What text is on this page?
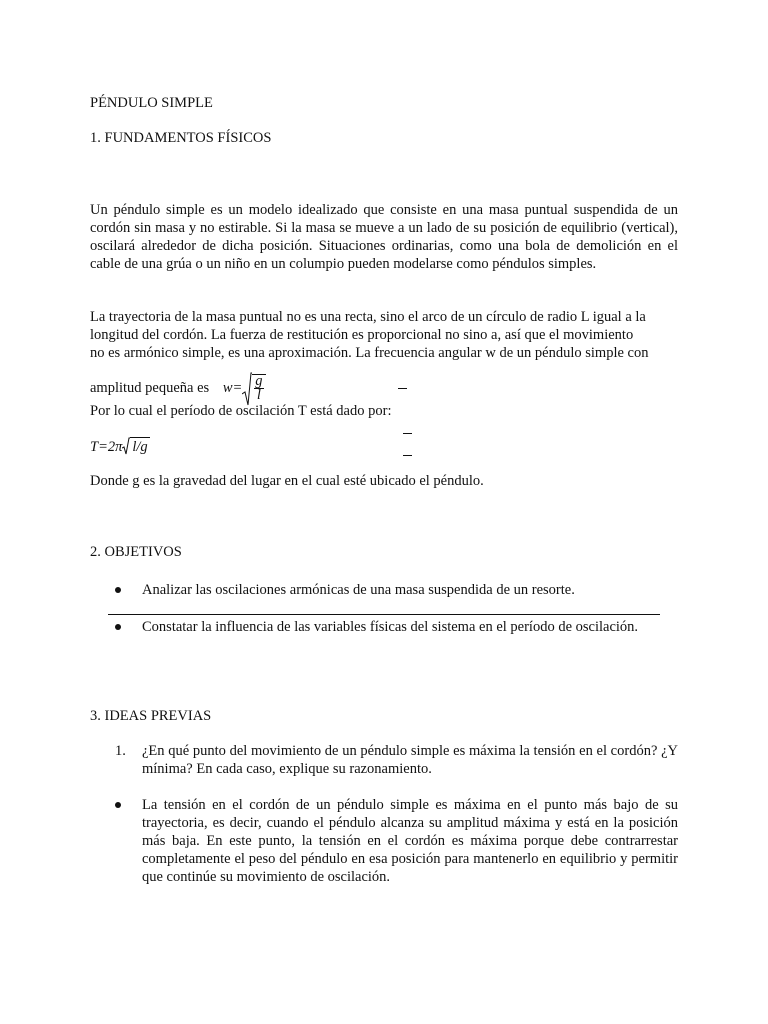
PÉNDULO SIMPLE
1. FUNDAMENTOS FÍSICOS
Un péndulo simple es un modelo idealizado que consiste en una masa puntual suspendida de un cordón sin masa y no estirable. Si la masa se mueve a un lado de su posición de equilibrio (vertical), oscilará alrededor de dicha posición. Situaciones ordinarias, como una bola de demolición en el cable de una grúa o un niño en un columpio pueden modelarse como péndulos simples.
La trayectoria de la masa puntual no es una recta, sino el arco de un círculo de radio L igual a la
longitud del cordón. La fuerza de restitución es proporcional no sino a, así que el movimiento
no es armónico simple, es una aproximación. La frecuencia angular w de un péndulo simple con
amplitud pequeña es $w= \frac{g}{l}$
Por lo cual el período de oscilación T está dado por:
T=2π l/g
Donde g es la gravedad del lugar en el cual esté ubicado el péndulo.
2. OBJETIVOS
Analizar las oscilaciones armónicas de una masa suspendida de un resorte.
Constatar la influencia de las variables físicas del sistema en el período de oscilación.
3. IDEAS PREVIAS
1. ¿En qué punto del movimiento de un péndulo simple es máxima la tensión en el cordón? ¿Y mínima? En cada caso, explique su razonamiento.
La tensión en el cordón de un péndulo simple es máxima en el punto más bajo de su trayectoria, es decir, cuando el péndulo alcanza su amplitud máxima y está en la posición más baja. En este punto, la tensión en el cordón es máxima porque debe contrarrestar completamente el peso del péndulo en esa posición para mantenerlo en equilibrio y permitir que continúe su movimiento de oscilación.
